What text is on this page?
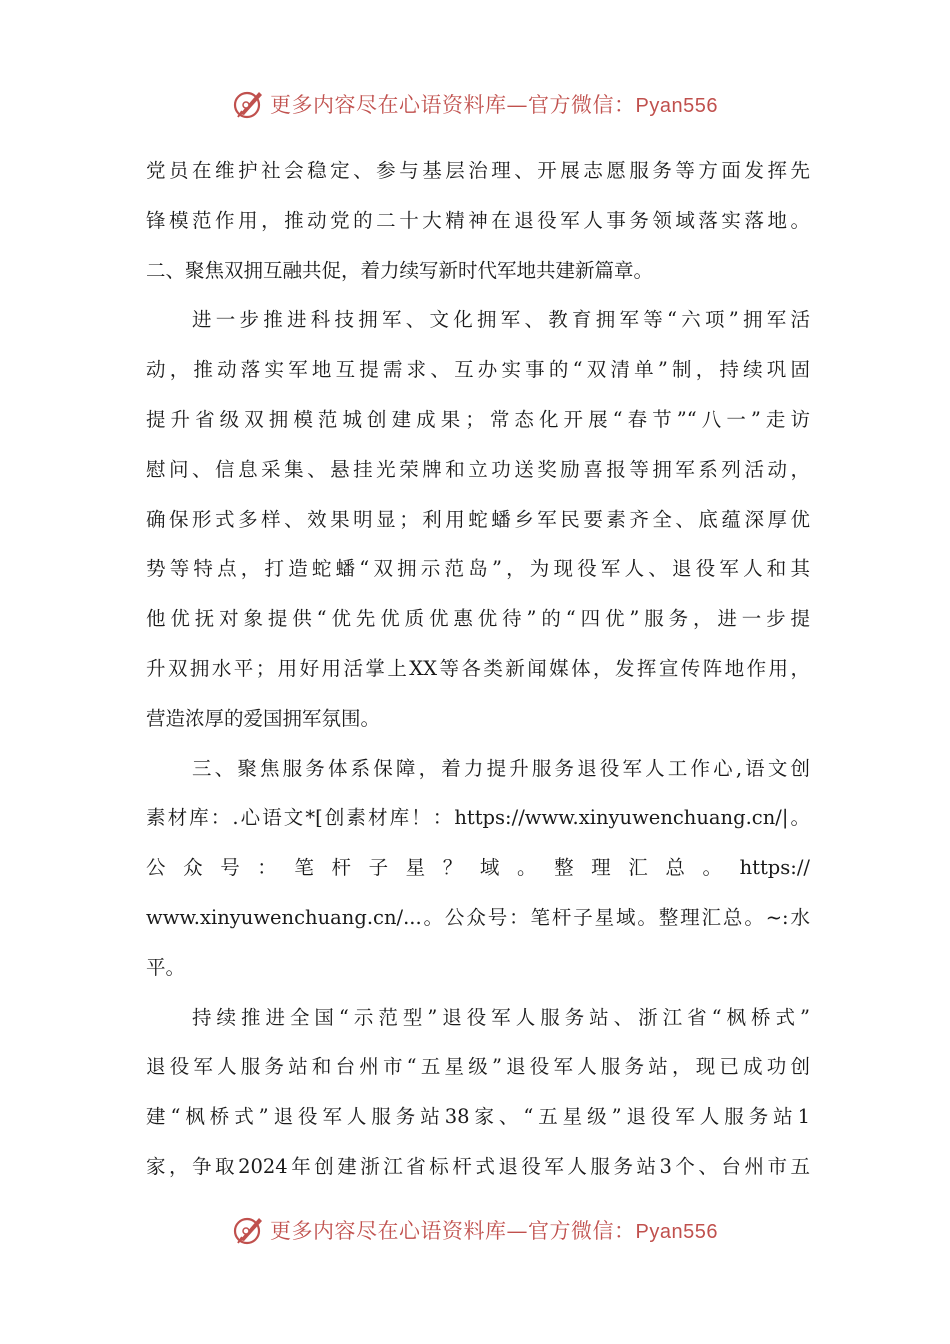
更多内容尽在心语资料库—官方微信：Pyan556
党员在维护社会稳定、参与基层治理、开展志愿服务等方面发挥先
锋模范作用，推动党的二十大精神在退役军人事务领域落实落地。
二、聚焦双拥互融共促，着力续写新时代军地共建新篇章。
进一步推进科技拥军、文化拥军、教育拥军等“六项”拥军活
动，推动落实军地互提需求、互办实事的“双清单”制，持续巩固
提升省级双拥模范城创建成果；常态化开展“春节”“八一”走访
慰问、信息采集、悬挂光荣牌和立功送奖励喜报等拥军系列活动，
确保形式多样、效果明显；利用蛇蟠乡军民要素齐全、底蕴深厚优
势等特点，打造蛇蟠“双拥示范岛”，为现役军人、退役军人和其
他优抚对象提供“优先优质优惠优待”的“四优”服务，进一步提
升双拥水平；用好用活掌上XX等各类新闻媒体，发挥宣传阵地作用，
营造浓厚的爱国拥军氛围。
三、聚焦服务体系保障，着力提升服务退役军人工作心,语文创
素材库：.心语文*[创素材库！：https://www.xinyuwenchuang.cn/|。
公 众 号 ： 笔 杆 子 星 ？ 域 。 整 理 汇 总 。 https://
www.xinyuwenchuang.cn/...。公众号：笔杆子星域。整理汇总。~:水
平。
持续推进全国“示范型”退役军人服务站、浙江省“枫桥式”
退役军人服务站和台州市“五星级”退役军人服务站，现已成功创
建“枫桥式”退役军人服务站38家、“五星级”退役军人服务站1
家，争取2024年创建浙江省标杆式退役军人服务站3个、台州市五
更多内容尽在心语资料库—官方微信：Pyan556
